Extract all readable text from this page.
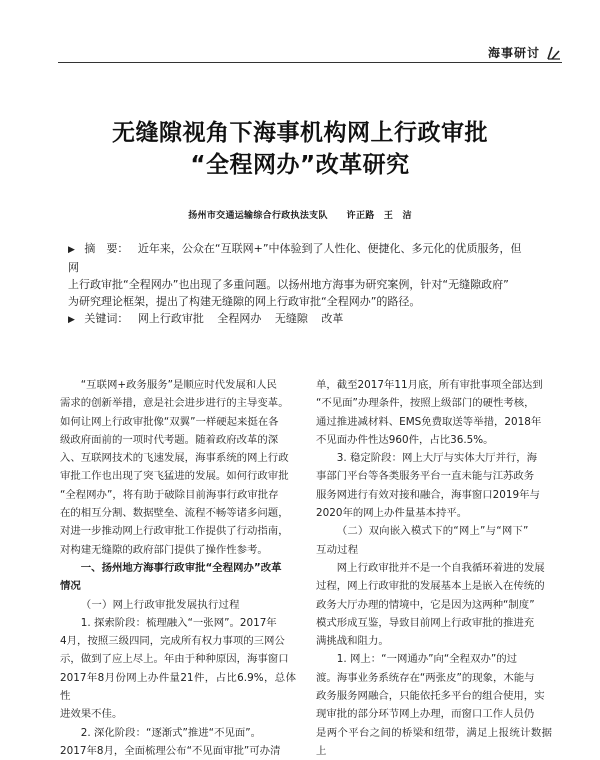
海事研讨
无缝隙视角下海事机构网上行政审批
“全程网办”改革研究
扬州市交通运输综合行政执法支队 许正路　王　洁

▶ 摘　要： 近年来，公众在“互联网+”中体验到了人性化、便捷化、多元化的优质服务，但网

上行政审批“全程网办”也出现了多重问题。以扬州地方海事为研究案例，针对“无缝隙政府”

为研究理论框架，提出了构建无缝隙的网上行政审批“全程网办”的路径。

▶ 关键词： 网上行政审批 全程网办 无缝隙 改革

“互联网+政务服务”是顺应时代发展和人民

需求的创新举措，意是社会进步进行的主导变革。

如何让网上行政审批像“双翼”一样硬起来挺在各

级政府面前的一项时代考题。随着政府改革的深

入、互联网技术的飞速发展，海事系统的网上行政

审批工作也出现了突飞猛进的发展。如何行政审批

“全程网办”，将有助于破除目前海事行政审批存

在的相互分割、数据壁垒、流程不畅等诸多问题，

对进一步推动网上行政审批工作提供了行动指南，

对构建无缝隙的政府部门提供了操作性参考。

一、扬州地方海事行政审批“全程网办”改革

情况

（一）网上行政审批发展执行过程

1. 探索阶段：梳理融入“一张网”。2017年

4月，按照三级四同，完成所有权力事项的三网公

示，做到了应上尽上。年由于种种原因，海事窗口

2017年8月份网上办件量21件，占比6.9%，总体性

进效果不佳。

2. 深化阶段：“逐渐式”推进“不见面”。

2017年8月，全面梳理公布“不见面审批”可办清

单，截至2017年11月底，所有审批事项全部达到

“不见面”办理条件，按照上级部门的硬性考核，

通过推进减材料、EMS免费取送等举措，2018年

不见面办件性达960件，占比36.5%。

3. 稳定阶段：网上大厅与实体大厅并行，海

事部门平台等各类服务平台一直未能与江苏政务

服务网进行有效对接和融合，海事窗口2019年与

2020年的网上办件量基本持平。

（二）双向嵌入模式下的“网上”与“网下”

互动过程

网上行政审批并不是一个自我循环着进的发展

过程，网上行政审批的发展基本上是嵌入在传统的

政务大厅办理的情境中，它是因为这两种“制度”

模式形成互鉴，导致目前网上行政审批的推进充

满挑战和阻力。

1. 网上：“一网通办”向“全程双办”的过

渡。海事业务系统存在“两张皮”的现象，木能与

政务服务网融合，只能依托多平台的组合使用，实

现审批的部分环节网上办理，而窗口工作人员仍

是两个平台之间的桥梁和纽带，满足上报统计数据上
